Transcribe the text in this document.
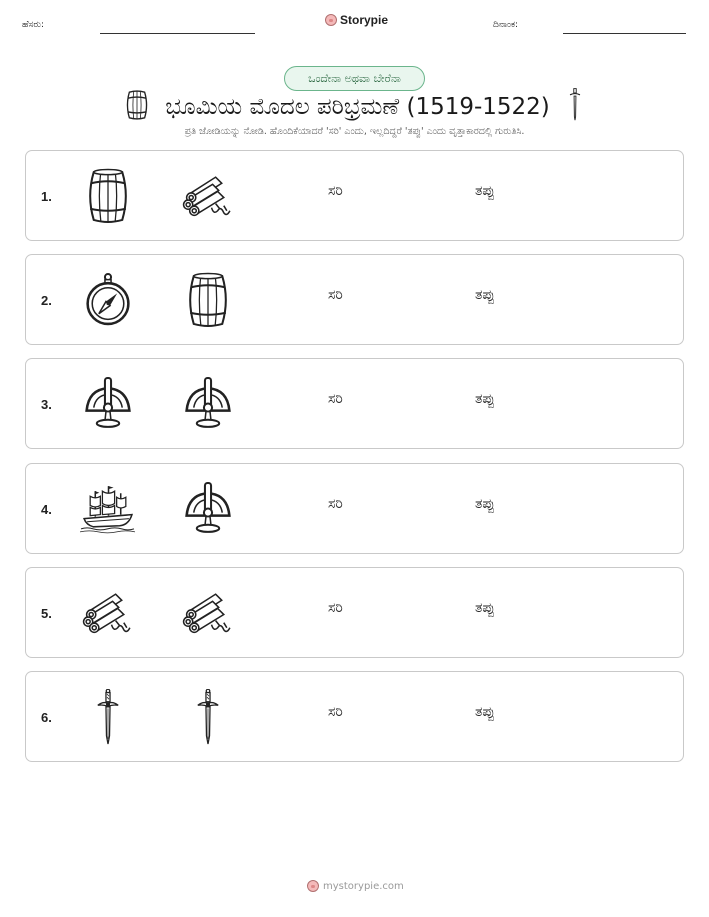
ಹೆಸರು:	Storypie	ದಿನಾಂಕ:
ಒಂದೇನಾ ಅಥವಾ ಬೇರೆನಾ
ಭೂಮಿಯ ಮೊದಲ ಪರಿಭ್ರಮಣೆ (1519-1522)
ಪ್ರತಿ ಜೋಡಿಯನ್ನು ನೋಡಿ. ಹೊಂದಿಕೆಯಾದರೆ 'ಸರಿ' ಎಂದು, ಇಲ್ಲದಿದ್ದರೆ 'ತಪ್ಪು' ಎಂದು ವೃತ್ತಾಕಾರದಲ್ಲಿ ಗುರುತಿಸಿ.
1.	ಸರಿ	ತಪ್ಪು
2.	ಸರಿ	ತಪ್ಪು
3.	ಸರಿ	ತಪ್ಪು
4.	ಸರಿ	ತಪ್ಪು
5.	ಸರಿ	ತಪ್ಪು
6.	ಸರಿ	ತಪ್ಪು
mystorypie.com
